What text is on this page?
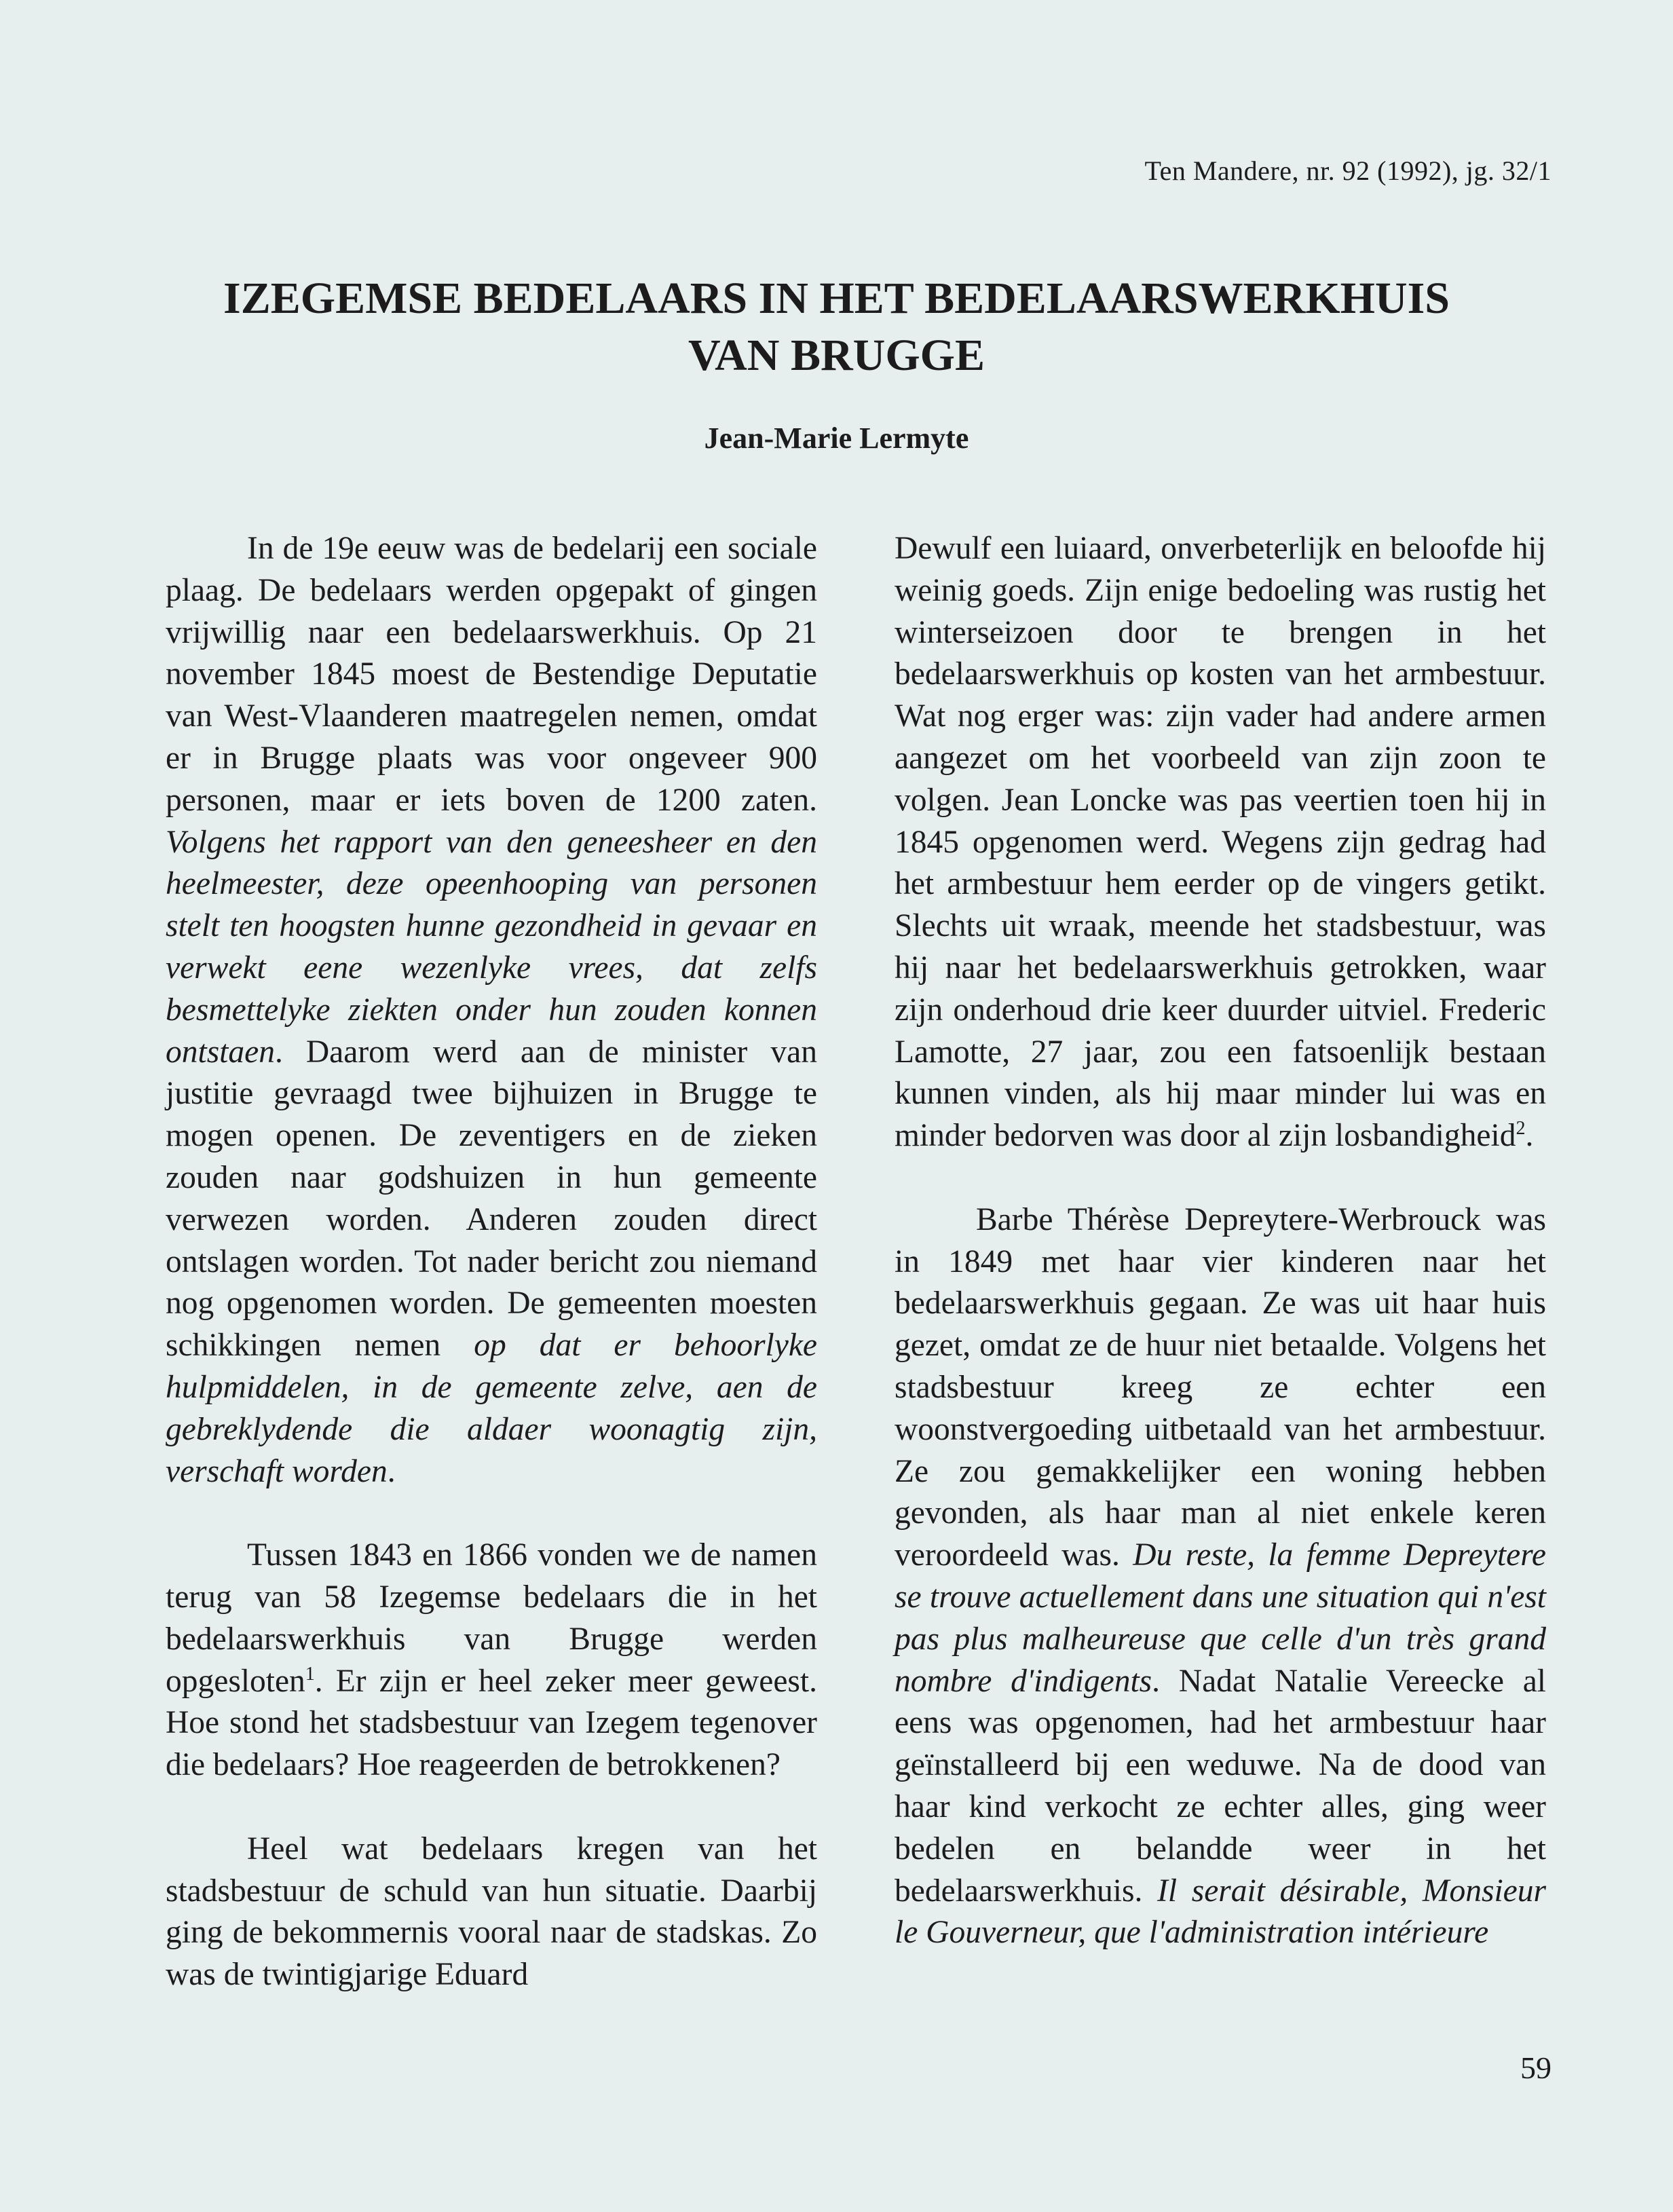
Ten Mandere, nr. 92 (1992), jg. 32/1
IZEGEMSE BEDELAARS IN HET BEDELAARSWERKHUIS
VAN BRUGGE
Jean-Marie Lermyte

In de 19e eeuw was de bedelarij een sociale plaag. De bedelaars werden opgepakt of gingen vrijwillig naar een bedelaarswerkhuis. Op 21 november 1845 moest de Bestendige Deputatie van West-Vlaanderen maatregelen nemen, omdat er in Brugge plaats was voor ongeveer 900 personen, maar er iets boven de 1200 zaten. Volgens het rapport van den geneesheer en den heelmeester, deze opeenhooping van personen stelt ten hoogsten hunne gezondheid in gevaar en verwekt eene wezenlyke vrees, dat zelfs besmettelyke ziekten onder hun zouden konnen ontstaen. Daarom werd aan de minister van justitie gevraagd twee bijhuizen in Brugge te mogen openen. De zeventigers en de zieken zouden naar godshuizen in hun gemeente verwezen worden. Anderen zouden direct ontslagen worden. Tot nader bericht zou niemand nog opgenomen worden. De gemeenten moesten schikkingen nemen op dat er behoorlyke hulpmiddelen, in de gemeente zelve, aen de gebreklydende die aldaer woonagtig zijn, verschaft worden.

Tussen 1843 en 1866 vonden we de namen terug van 58 Izegemse bedelaars die in het bedelaarswerkhuis van Brugge werden opgesloten$^1$. Er zijn er heel zeker meer geweest. Hoe stond het stadsbestuur van Izegem tegenover die bedelaars? Hoe reageerden de betrokkenen?

Heel wat bedelaars kregen van het stadsbestuur de schuld van hun situatie. Daarbij ging de bekommernis vooral naar de stadskas. Zo was de twintigjarige Eduard

Dewulf een luiaard, onverbeterlijk en beloofde hij weinig goeds. Zijn enige bedoeling was rustig het winterseizoen door te brengen in het bedelaarswerkhuis op kosten van het armbestuur. Wat nog erger was: zijn vader had andere armen aangezet om het voorbeeld van zijn zoon te volgen. Jean Loncke was pas veertien toen hij in 1845 opgenomen werd. Wegens zijn gedrag had het armbestuur hem eerder op de vingers getikt. Slechts uit wraak, meende het stadsbestuur, was hij naar het bedelaarswerkhuis getrokken, waar zijn onderhoud drie keer duurder uitviel. Frederic Lamotte, 27 jaar, zou een fatsoenlijk bestaan kunnen vinden, als hij maar minder lui was en minder bedorven was door al zijn losbandigheid$^2$.

Barbe Thérèse Depreytere-Werbrouck was in 1849 met haar vier kinderen naar het bedelaarswerkhuis gegaan. Ze was uit haar huis gezet, omdat ze de huur niet betaalde. Volgens het stadsbestuur kreeg ze echter een woonstvergoeding uitbetaald van het armbestuur. Ze zou gemakkelijker een woning hebben gevonden, als haar man al niet enkele keren veroordeeld was. Du reste, la femme Depreytere se trouve actuellement dans une situation qui n'est pas plus malheureuse que celle d'un très grand nombre d'indigents. Nadat Natalie Vereecke al eens was opgenomen, had het armbestuur haar geïnstalleerd bij een weduwe. Na de dood van haar kind verkocht ze echter alles, ging weer bedelen en belandde weer in het bedelaarswerkhuis. Il serait désirable, Monsieur le Gouverneur, que l'administration intérieure

59
